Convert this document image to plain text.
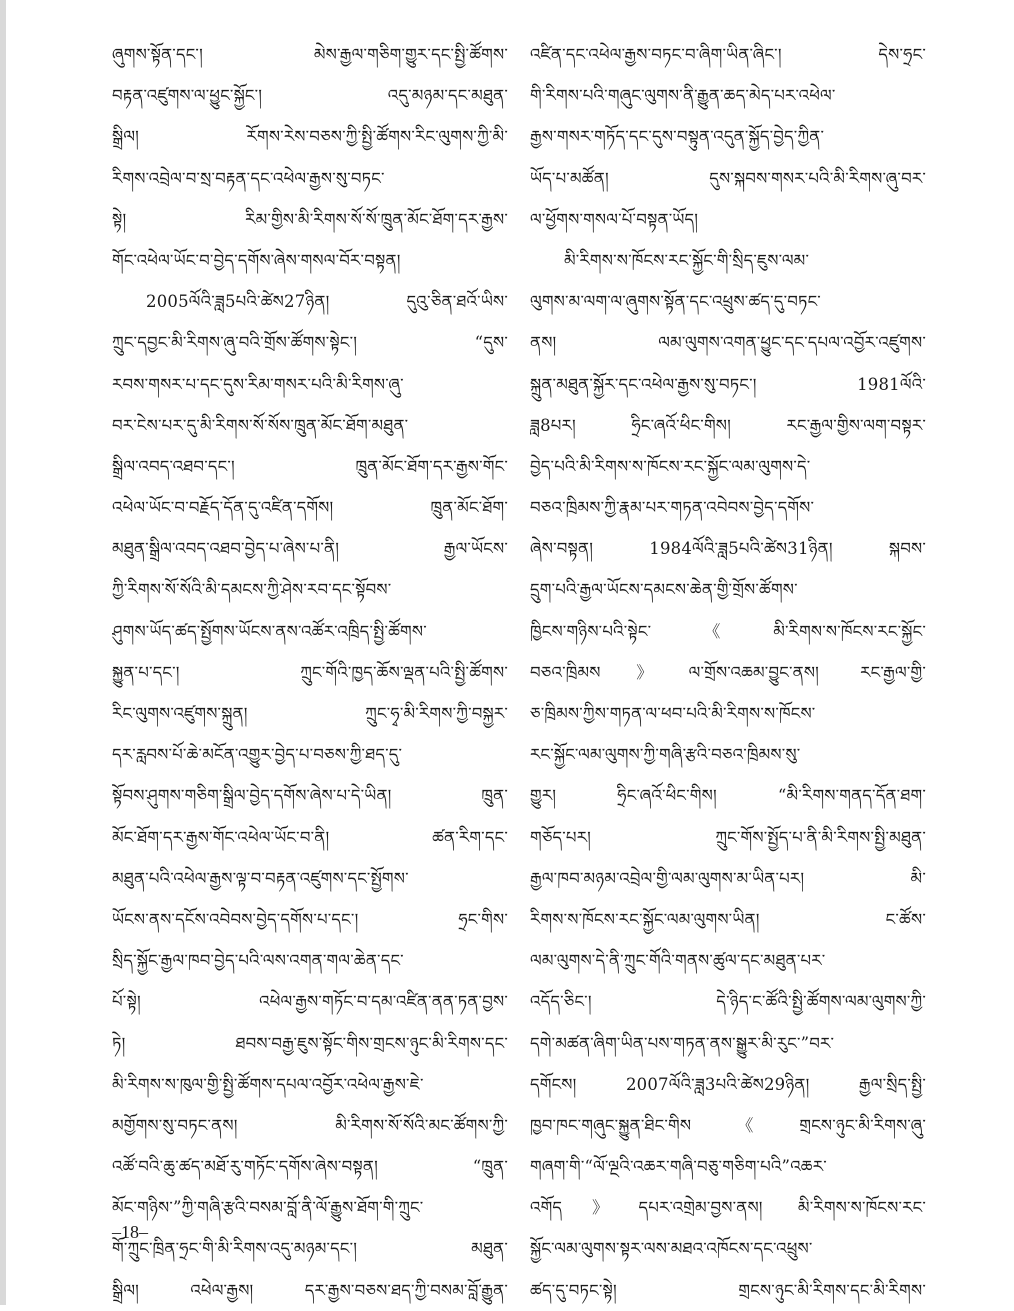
ཞུགས་སྟོན་དང་། མེས་རྒྱལ་གཅིག་གྱུར་དང་སྤྱི་ཚོགས་
བརྟན་འཛུགས་ལ་ཕྱུང་སྐྱོང་། འདུ་མཉམ་དང་མཐུན་
སྒྲིལ། རོགས་རེས་བཅས་ཀྱི་སྤྱི་ཚོགས་རིང་ལུགས་ཀྱི་མི་
རིགས་འབྲེལ་བ་སྲ་བརྟན་དང་འཕེལ་རྒྱས་སུ་བཏང་
སྟེ། རིམ་གྱིས་མི་རིགས་སོ་སོ་ཁྲུན་མོང་ཐོག་དར་རྒྱས་
གོང་འཕེལ་ཡོང་བ་བྱེད་དགོས་ཞེས་གསལ་བོར་བསྟན།
2005ལོའི་ཟླ5པའི་ཚེས27ཉིན། དུའུ་ཅིན་ཐའོ་ཡིས་
ཀྲུང་དབྱང་མི་རིགས་ཞུ་བའི་གྲོས་ཚོགས་སྟེང་། “དུས་
རབས་གསར་པ་དང་དུས་རིམ་གསར་པའི་མི་རིགས་ཞུ་
བར་ངེས་པར་དུ་མི་རིགས་སོ་སོས་ཁྲུན་མོང་ཐོག་མཐུན་
སྒྲིལ་འབད་འཐབ་དང་། ཁྲུན་མོང་ཐོག་དར་རྒྱས་གོང་
འཕེལ་ཡོང་བ་བརྗོད་དོན་དུ་འཛིན་དགོས། ཁྲུན་མོང་ཐོག་
མཐུན་སྒྲིལ་འབད་འཐབ་བྱེད་པ་ཞེས་པ་ནི། རྒྱལ་ཡོངས་
ཀྱི་རིགས་སོ་སོའི་མི་དམངས་ཀྱི་ཤེས་རབ་དང་སྟོབས་
ཤུགས་ཡོད་ཚད་སྤྱོགས་ཡོངས་ནས་འཚོར་འཁྲིད་སྤྱི་ཚོགས་
སྐྱུན་པ་དང་། ཀྲུང་གོའི་ཁྱད་ཆོས་ལྡན་པའི་སྤྱི་ཚོགས་
རིང་ལུགས་འཛུགས་སྐྲུན། ཀྲུང་ཧྭ་མི་རིགས་ཀྱི་བསྐྱར་
དར་རླབས་པོ་ཆེ་མངོན་འགྱུར་བྱེད་པ་བཅས་ཀྱི་ཐད་དུ་
སྟོབས་ཤུགས་གཅིག་སྒྲིལ་བྱེད་དགོས་ཞེས་པ་དེ་ཡིན། ཁྲུན་
མོང་ཐོག་དར་རྒྱས་གོང་འཕེལ་ཡོང་བ་ནི། ཚན་རིག་དང་
མཐུན་པའི་འཕེལ་རྒྱས་ལྟ་བ་བརྟན་འཛུགས་དང་སྤྱོགས་
ཡོངས་ནས་དངོས་འབེབས་བྱེད་དགོས་པ་དང་། ཧྲང་གིས་
སྲིད་སྐྱོང་རྒྱལ་ཁབ་བྱེད་པའི་ལས་འགན་གལ་ཆེན་དང་
པོ་སྟེ། འཕེལ་རྒྱས་གཏོང་བ་དམ་འཛིན་ནན་ཏན་བྱས་
ཏེ། ཐབས་བརྒྱ་ཇུས་སྟོང་གིས་གྲངས་ཉུང་མི་རིགས་དང་
མི་རིགས་ས་ཁུལ་གྱི་སྤྱི་ཚོགས་དཔལ་འབྱོར་འཕེལ་རྒྱས་ཇེ་
མགྱོགས་སུ་བཏང་ནས། མི་རིགས་སོ་སོའི་མང་ཚོགས་ཀྱི་
འཚོ་བའི་ཆུ་ཚད་མཐོ་རུ་གཏོང་དགོས་ཞེས་བསྟན། “ཁྲུན་
མོང་གཉིས་”ཀྱི་གཞི་རྩའི་བསམ་བློ་ནི་ལོ་རྒྱུས་ཐོག་གི་ཀྲུང་
གོ་ཀྲུང་ཁྲིན་ཧྲང་གི་མི་རིགས་འདུ་མཉམ་དང་། མཐུན་
སྒྲིལ། འཕེལ་རྒྱས། དར་རྒྱས་བཅས་ཐད་ཀྱི་བསམ་བློ་རྒྱུན་
འཛིན་དང་འཕེལ་རྒྱས་བཏང་བ་ཞིག་ཡིན་ཞིང་། དེས་ཧྲང་
གི་རིགས་པའི་གཞུང་ལུགས་ནི་རྒྱུན་ཆད་མེད་པར་འཕེལ་
རྒྱས་གསར་གཏོད་དང་དུས་བསྟུན་འདུན་སྐྱོད་བྱེད་ཀྱིན་
ཡོད་པ་མཚོན། དུས་སྐབས་གསར་པའི་མི་རིགས་ཞུ་བར་
ལ་ཕྱོགས་གསལ་པོ་བསྟན་ཡོད།
མི་རིགས་ས་ཁོངས་རང་སྐྱོང་གི་སྲིད་ཇུས་ལམ་
ལུགས་མ་ལག་ལ་ཞུགས་སྟོན་དང་འཕྲུས་ཚད་དུ་བཏང་
ནས། ལམ་ལུགས་འགན་ཕྱུང་དང་དཔལ་འབྱོར་འཛུགས་
སྐྲུན་མཐུན་སྐྱོར་དང་འཕེལ་རྒྱས་སུ་བཏང་། 1981ལོའི་
ཟླ8པར། ཧྲིང་ཞའོ་ཕིང་གིས། རང་རྒྱལ་གྱིས་ལག་བསྟར་
བྱེད་པའི་མི་རིགས་ས་ཁོངས་རང་སྐྱོང་ལམ་ལུགས་དེ་
བཅའ་ཁྲིམས་ཀྱི་རྣམ་པར་གཏན་འབེབས་བྱེད་དགོས་
ཞེས་བསྟན། 1984ལོའི་ཟླ5པའི་ཚེས31ཉིན། སྐབས་
དྲུག་པའི་རྒྱལ་ཡོངས་དམངས་ཆེན་གྱི་གྲོས་ཚོགས་
ཁྱིངས་གཉིས་པའི་སྟེང་《མི་རིགས་ས་ཁོངས་རང་སྐྱོང་
བཅའ་ཁྲིམས》ལ་གྲོས་འཆམ་བྱུང་ནས། རང་རྒྱལ་གྱི་
ཅ་ཁྲིམས་ཀྱིས་གཏན་ལ་ཕབ་པའི་མི་རིགས་ས་ཁོངས་
རང་སྐྱོང་ལམ་ལུགས་ཀྱི་གཞི་རྩའི་བཅའ་ཁྲིམས་སུ་
གྱུར། ཧྲིང་ཞའོ་ཕིང་གིས། “མི་རིགས་གནད་དོན་ཐག་
གཅོད་པར། ཀྲུང་གོས་སྤྱོད་པ་ནི་མི་རིགས་སྤྱི་མཐུན་
རྒྱལ་ཁབ་མཉམ་འབྲེལ་གྱི་ལམ་ལུགས་མ་ཡིན་པར། མི་
རིགས་ས་ཁོངས་རང་སྐྱོང་ལམ་ལུགས་ཡིན། ང་ཚོས་
ལམ་ལུགས་དེ་ནི་ཀྲུང་གོའི་གནས་ཚུལ་དང་མཐུན་པར་
འདོད་ཅིང་། དེ་ཉིད་ང་ཚོའི་སྤྱི་ཚོགས་ལམ་ལུགས་ཀྱི་
དགེ་མཚན་ཞིག་ཡིན་པས་གཏན་ནས་སྒྱུར་མི་རུང་”བར་
དགོངས། 2007ལོའི་ཟླ3པའི་ཚེས29ཉིན། རྒྱལ་སྲིད་སྤྱི་
ཁྱབ་ཁང་གཞུང་སྐྱུན་ཐིང་གིས《གྲངས་ཉུང་མི་རིགས་ཞུ་
གཞག་གི་“ལོ་ལྔའི་འཆར་གཞི་བཅུ་གཅིག་པའི”འཆར་
འགོད》དཔར་འགྲེམ་བྱས་ནས། མི་རིགས་ས་ཁོངས་རང་
སྐྱོང་ལམ་ལུགས་སྟར་ལས་མཐའ་འཁོངས་དང་འཕྲུས་
ཚད་དུ་བཏང་སྟེ། གྲངས་ཉུང་མི་རིགས་དང་མི་རིགས་
–18–
